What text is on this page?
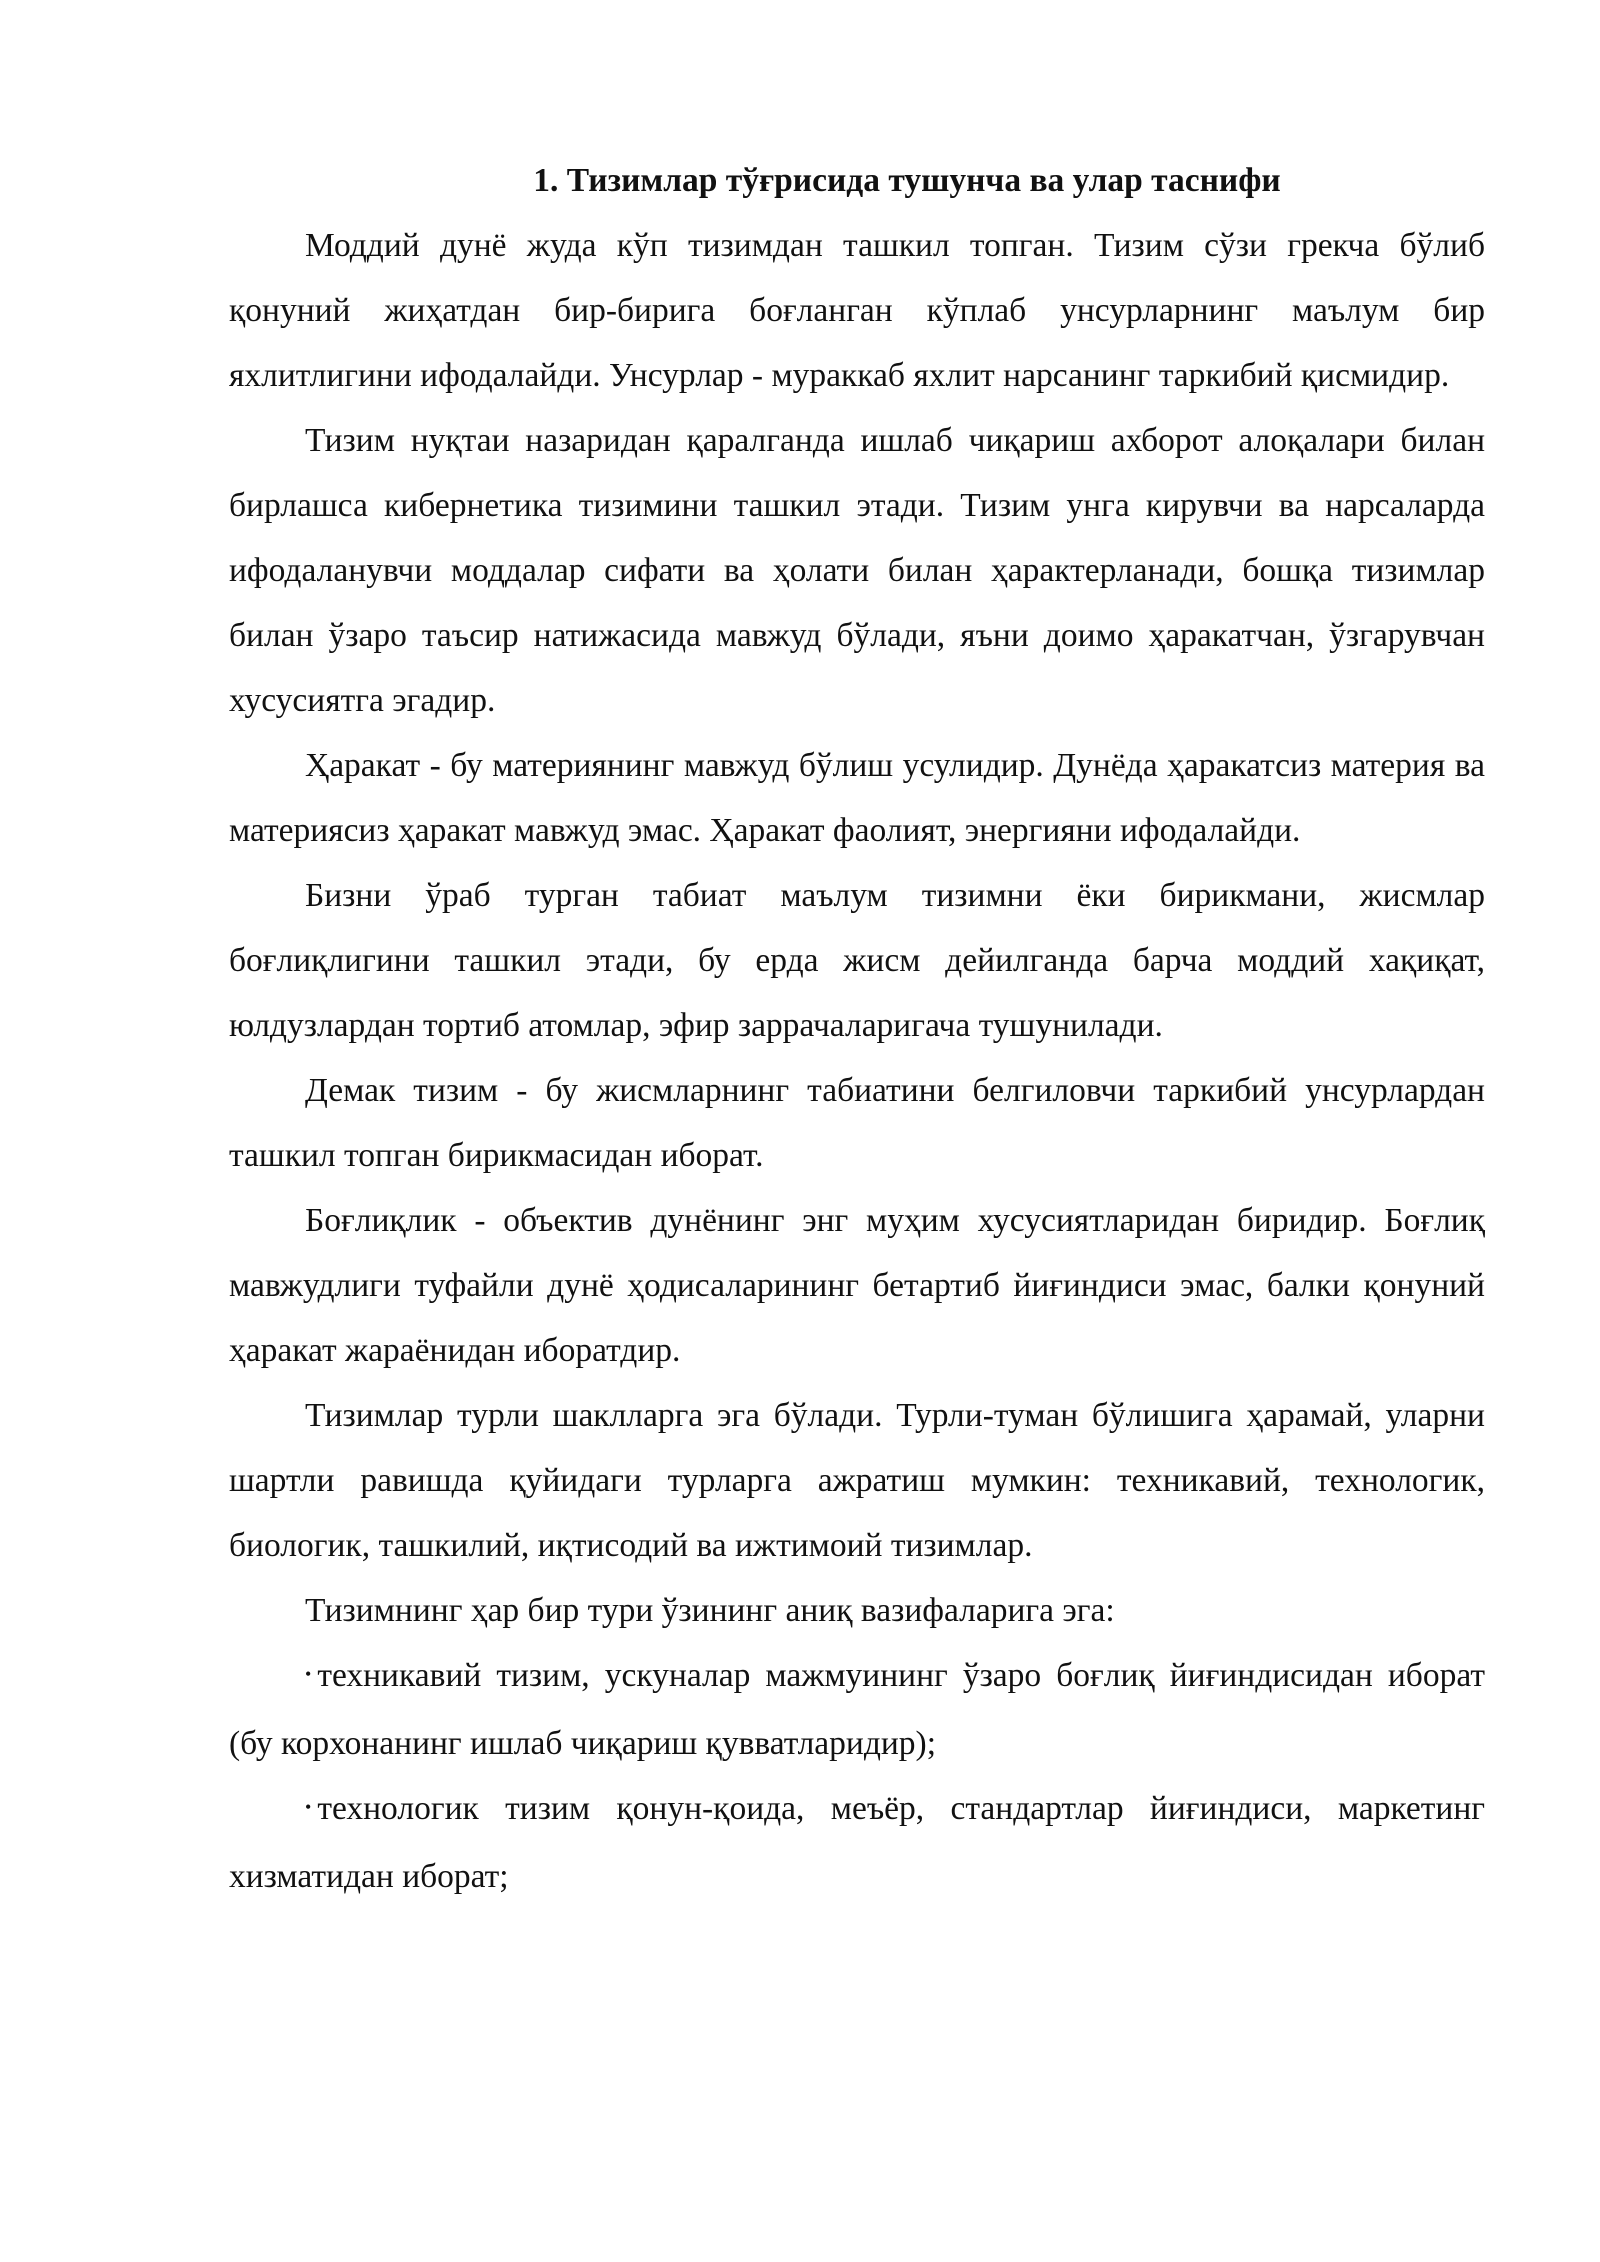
1. Тизимлар тўғрисида тушунча ва улар таснифи

Моддий дунё жуда кўп тизимдан ташкил топган. Тизим сўзи грекча бўлиб қонуний жиҳатдан бир-бирига боғланган кўплаб унсурларнинг маълум бир яхлитлигини ифодалайди. Унсурлар - мураккаб яхлит нарсанинг таркибий қисмидир.

Тизим нуқтаи назаридан қаралганда ишлаб чиқариш ахборот алоқалари билан бирлашса кибернетика тизимини ташкил этади. Тизим унга кирувчи ва нарсаларда ифодаланувчи моддалар сифати ва ҳолати билан ҳарактерланади, бошқа тизимлар билан ўзаро таъсир натижасида мавжуд бўлади, яъни доимо ҳаракатчан, ўзгарувчан хусусиятга эгадир.

Ҳаракат - бу материянинг мавжуд бўлиш усулидир. Дунёда ҳаракатсиз материя ва материясиз ҳаракат мавжуд эмас. Ҳаракат фаолият, энергияни ифодалайди.

Бизни ўраб турган табиат маълум тизимни ёки бирикмани, жисмлар боғлиқлигини ташкил этади, бу ерда жисм дейилганда барча моддий хақиқат, юлдузлардан тортиб атомлар, эфир заррачаларигача тушунилади.

Демак тизим - бу жисмларнинг табиатини белгиловчи таркибий унсурлардан ташкил топган бирикмасидан иборат.

Боғлиқлик - объектив дунёнинг энг муҳим хусусиятларидан биридир. Боғлиқ мавжудлиги туфайли дунё ҳодисаларининг бетартиб йиғиндиси эмас, балки қонуний ҳаракат жараёнидан иборатдир.

Тизимлар турли шаклларга эга бўлади. Турли-туман бўлишига ҳарамай, уларни шартли равишда қуйидаги турларга ажратиш мумкин: техникавий, технологик, биологик, ташкилий, иқтисодий ва ижтимоий тизимлар.

Тизимнинг ҳар бир тури ўзининг аниқ вазифаларига эга:

• техникавий тизим, ускуналар мажмуининг ўзаро боғлиқ йиғиндисидан иборат (бу корхонанинг ишлаб чиқариш қувватларидир);

• технологик тизим қонун-қоида, меъёр, стандартлар йиғиндиси, маркетинг хизматидан иборат;
